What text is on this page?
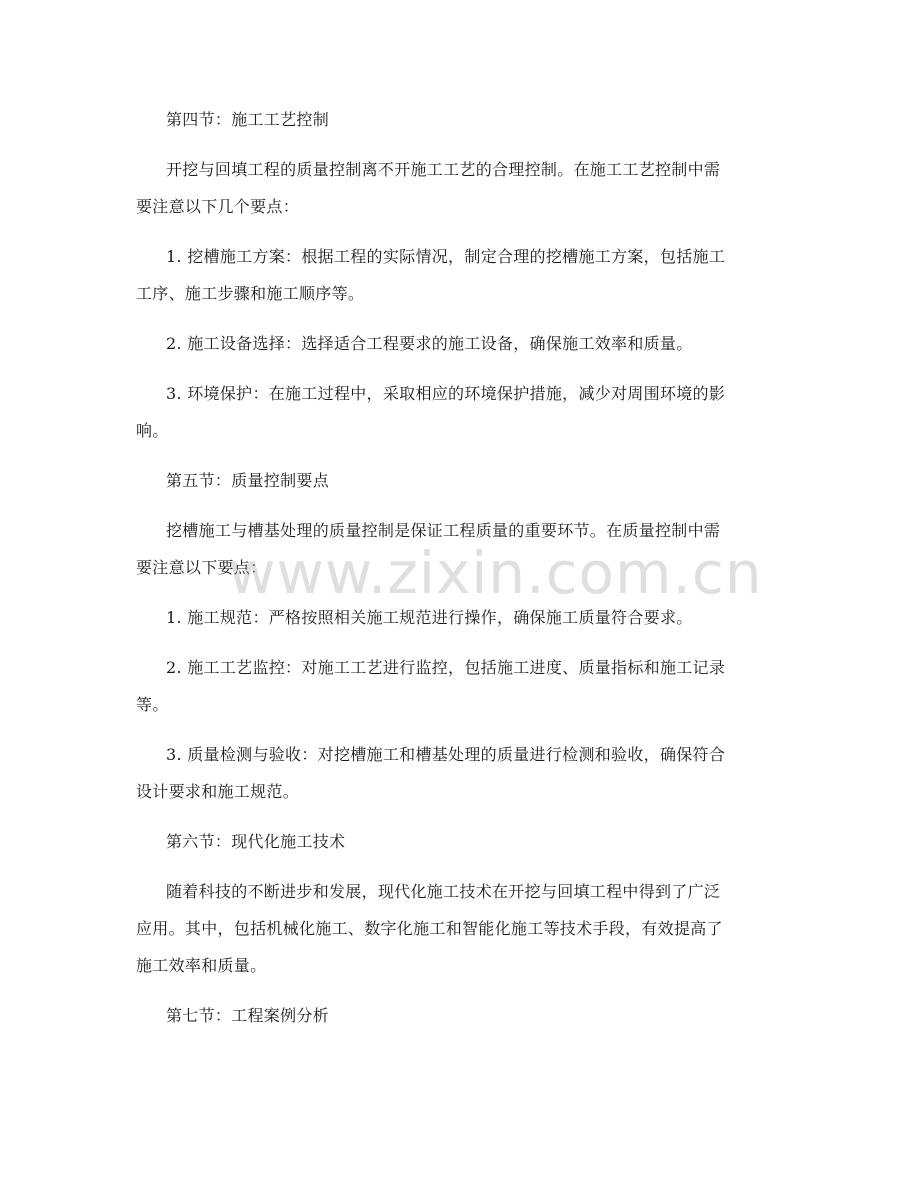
第四节：施工工艺控制
开挖与回填工程的质量控制离不开施工工艺的合理控制。在施工工艺控制中需
要注意以下几个要点：
1. 挖槽施工方案：根据工程的实际情况，制定合理的挖槽施工方案，包括施工
工序、施工步骤和施工顺序等。
2. 施工设备选择：选择适合工程要求的施工设备，确保施工效率和质量。
3. 环境保护：在施工过程中，采取相应的环境保护措施，减少对周围环境的影
响。
第五节：质量控制要点
挖槽施工与槽基处理的质量控制是保证工程质量的重要环节。在质量控制中需
要注意以下要点：
1. 施工规范：严格按照相关施工规范进行操作，确保施工质量符合要求。
2. 施工工艺监控：对施工工艺进行监控，包括施工进度、质量指标和施工记录
等。
3. 质量检测与验收：对挖槽施工和槽基处理的质量进行检测和验收，确保符合
设计要求和施工规范。
第六节：现代化施工技术
随着科技的不断进步和发展，现代化施工技术在开挖与回填工程中得到了广泛
应用。其中，包括机械化施工、数字化施工和智能化施工等技术手段，有效提高了
施工效率和质量。
第七节：工程案例分析
www.zixin.com.cn
